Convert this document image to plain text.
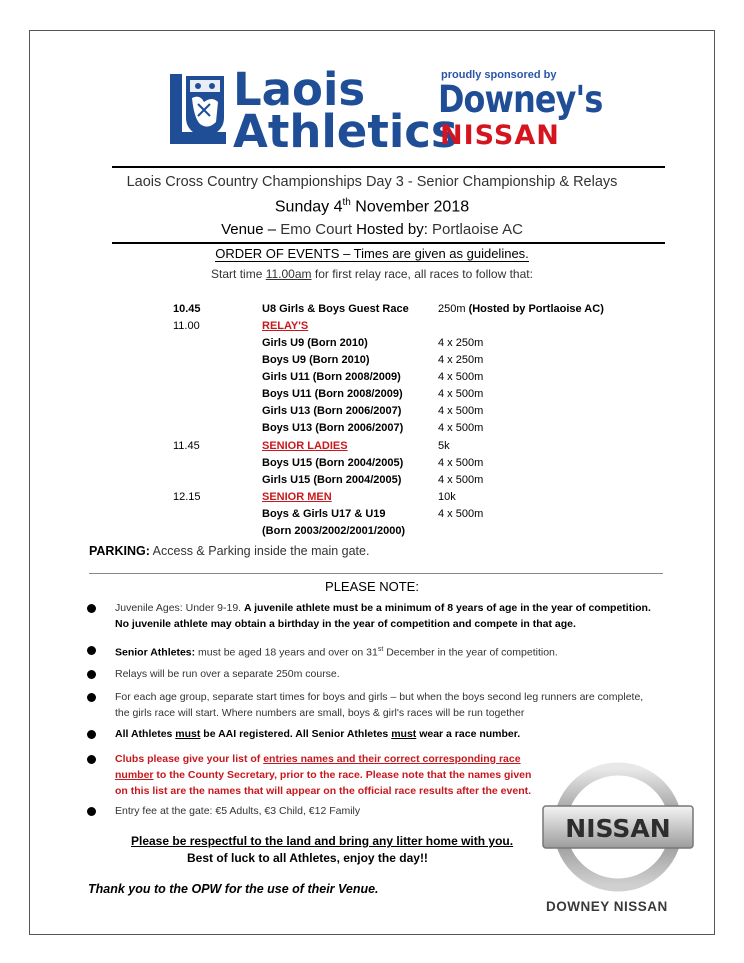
Laois
Athletics
proudly sponsored by
Downey's
NISSAN
Laois Cross Country Championships Day 3 - Senior Championship & Relays
Sunday 4th November 2018
Venue – Emo Court Hosted by: Portlaoise AC
ORDER OF EVENTS – Times are given as guidelines.
Start time 11.00am for first relay race, all races to follow that:
10.45	U8 Girls & Boys Guest Race	250m (Hosted by Portlaoise AC)
11.00	RELAY'S
Girls U9 (Born 2010)	4 x 250m
Boys U9 (Born 2010)	4 x 250m
Girls U11 (Born 2008/2009)	4 x 500m
Boys U11 (Born 2008/2009)	4 x 500m
Girls U13 (Born 2006/2007)	4 x 500m
Boys U13 (Born 2006/2007)	4 x 500m
11.45	SENIOR LADIES	5k
Boys U15 (Born 2004/2005)	4 x 500m
Girls U15 (Born 2004/2005)	4 x 500m
12.15	SENIOR MEN	10k
Boys & Girls U17 & U19	4 x 500m
(Born 2003/2002/2001/2000)
PARKING: Access & Parking inside the main gate.
PLEASE NOTE:
Juvenile Ages: Under 9-19. A juvenile athlete must be a minimum of 8 years of age in the year of competition. No juvenile athlete may obtain a birthday in the year of competition and compete in that age.
Senior Athletes: must be aged 18 years and over on 31st December in the year of competition.
Relays will be run over a separate 250m course.
For each age group, separate start times for boys and girls – but when the boys second leg runners are complete, the girls race will start. Where numbers are small, boys & girl's races will be run together
All Athletes must be AAI registered. All Senior Athletes must wear a race number.
Clubs please give your list of entries names and their correct corresponding race number to the County Secretary, prior to the race. Please note that the names given on this list are the names that will appear on the official race results after the event.
Entry fee at the gate: €5 Adults, €3 Child, €12 Family
Please be respectful to the land and bring any litter home with you.
Best of luck to all Athletes, enjoy the day!!
Thank you to the OPW for the use of their Venue.
NISSAN
DOWNEY NISSAN
